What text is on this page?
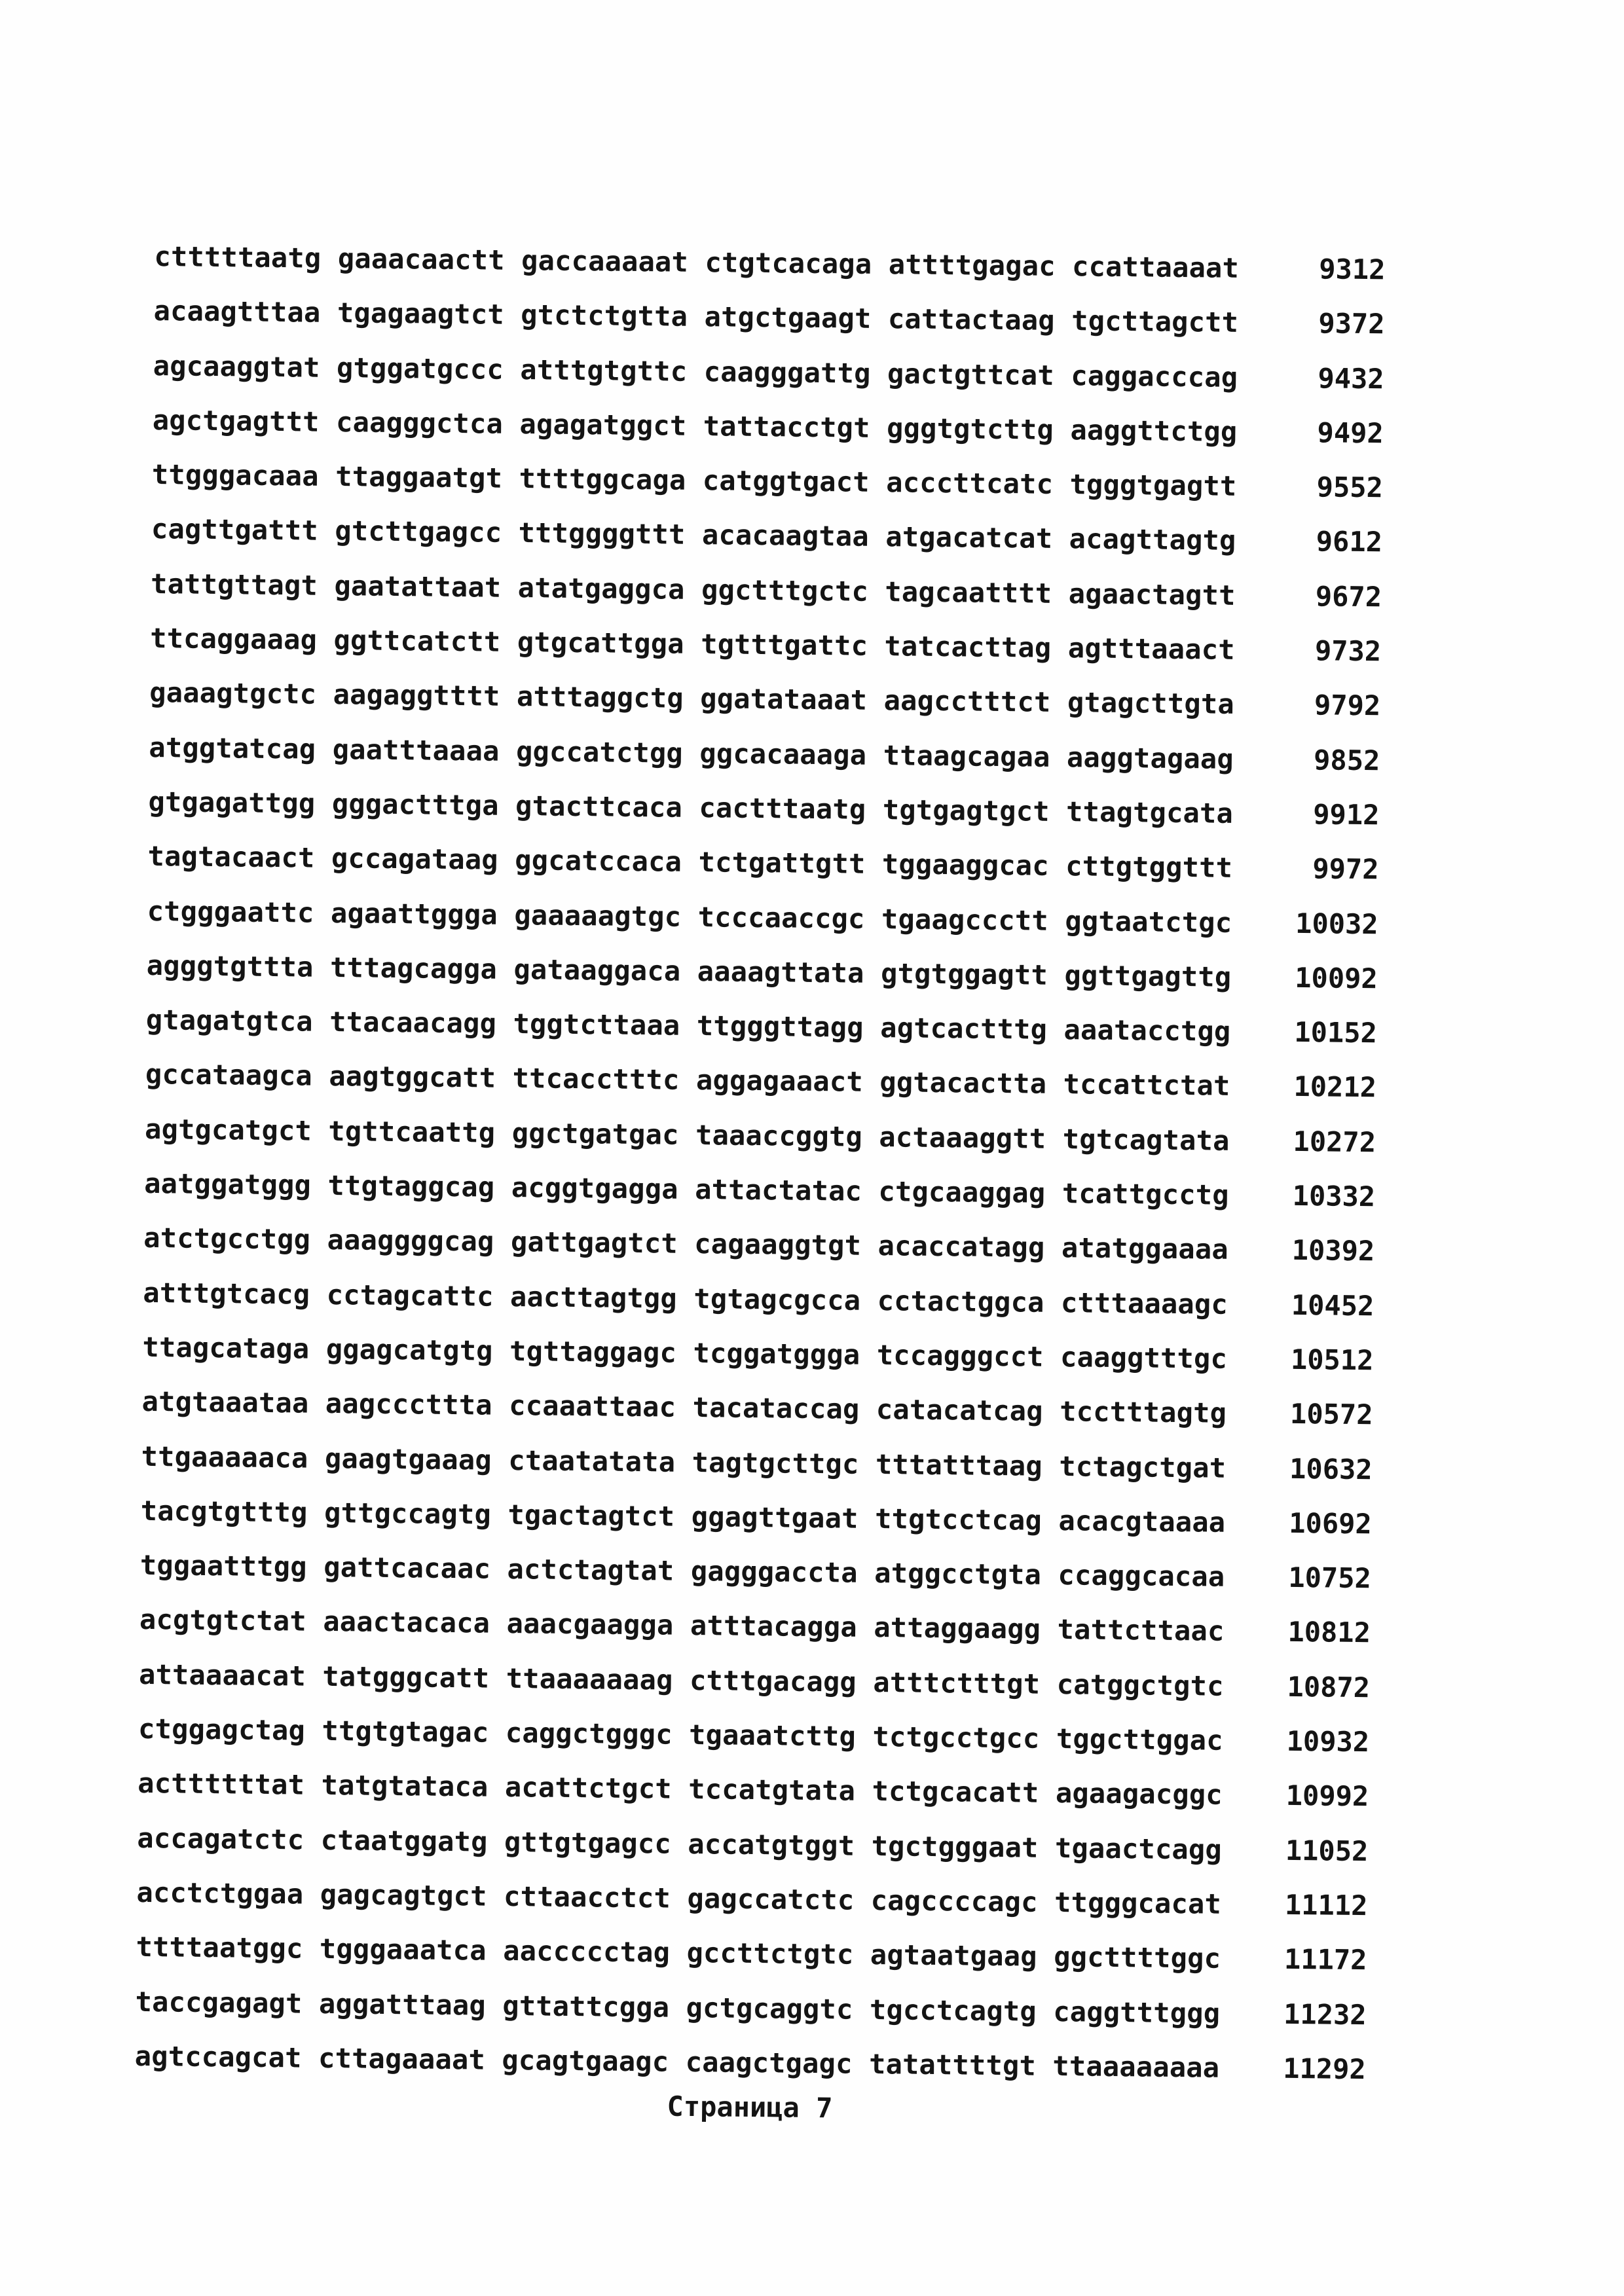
ctttttaatg gaaacaactt gaccaaaaat ctgtcacaga attttgagac ccattaaaat	9312
acaagtttaa tgagaagtct gtctctgtta atgctgaagt cattactaag tgcttagctt	9372
agcaaggtat gtggatgccc atttgtgttc caagggattg gactgttcat caggacccag	9432
agctgagttt caagggctca agagatggct tattacctgt gggtgtcttg aaggttctgg	9492
ttgggacaaa ttaggaatgt ttttggcaga catggtgact acccttcatc tgggtgagtt	9552
cagttgattt gtcttgagcc tttggggttt acacaagtaa atgacatcat acagttagtg	9612
tattgttagt gaatattaat atatgaggca ggctttgctc tagcaatttt agaactagtt	9672
ttcaggaaag ggttcatctt gtgcattgga tgtttgattc tatcacttag agtttaaact	9732
gaaagtgctc aagaggtttt atttaggctg ggatataaat aagcctttct gtagcttgta	9792
atggtatcag gaatttaaaa ggccatctgg ggcacaaaga ttaagcagaa aaggtagaag	9852
gtgagattgg gggactttga gtacttcaca cactttaatg tgtgagtgct ttagtgcata	9912
tagtacaact gccagataag ggcatccaca tctgattgtt tggaaggcac cttgtggttt	9972
ctgggaattc agaattggga gaaaaagtgc tcccaaccgc tgaagccctt ggtaatctgc 10032
agggtgttta tttagcagga gataaggaca aaaagttata gtgtggagtt ggttgagttg 10092
gtagatgtca ttacaacagg tggtcttaaa ttgggttagg agtcactttg aaatacctgg 10152
gccataagca aagtggcatt ttcacctttc aggagaaact ggtacactta tccattctat 10212
agtgcatgct tgttcaattg ggctgatgac taaaccggtg actaaaggtt tgtcagtata 10272
aatggatggg ttgtaggcag acggtgagga attactatac ctgcaaggag tcattgcctg 10332
atctgcctgg aaaggggcag gattgagtct cagaaggtgt acaccatagg atatggaaaa 10392
atttgtcacg cctagcattc aacttagtgg tgtagcgcca cctactggca ctttaaaagc 10452
ttagcataga ggagcatgtg tgttaggagc tcggatggga tccagggcct caaggtttgc 10512
atgtaaataa aagcccttta ccaaattaac tacataccag catacatcag tcctttagtg 10572
ttgaaaaaca gaagtgaaag ctaatatata tagtgcttgc tttatttaag tctagctgat 10632
tacgtgtttg gttgccagtg tgactagtct ggagttgaat ttgtcctcag acacgtaaaa 10692
tggaatttgg gattcacaac actctagtat gagggaccta atggcctgta ccaggcacaa 10752
acgtgtctat aaactacaca aaacgaagga atttacagga attaggaagg tattcttaac 10812
attaaaacat tatgggcatt ttaaaaaaag ctttgacagg atttctttgt catggctgtc 10872
ctggagctag ttgtgtagac caggctgggc tgaaatcttg tctgcctgcc tggcttggac 10932
acttttttat tatgtataca acattctgct tccatgtata tctgcacatt agaagacggc 10992
accagatctc ctaatggatg gttgtgagcc accatgtggt tgctgggaat tgaactcagg 11052
acctctggaa gagcagtgct cttaacctct gagccatctc cagccccagc ttgggcacat 11112
ttttaatggc tgggaaatca aaccccctag gccttctgtc agtaatgaag ggcttttggc 11172
taccgagagt aggatttaag gttattcgga gctgcaggtc tgcctcagtg caggtttggg 11232
agtccagcat cttagaaaat gcagtgaagc caagctgagc tatattttgt ttaaaaaaaa 11292
Страница 7
